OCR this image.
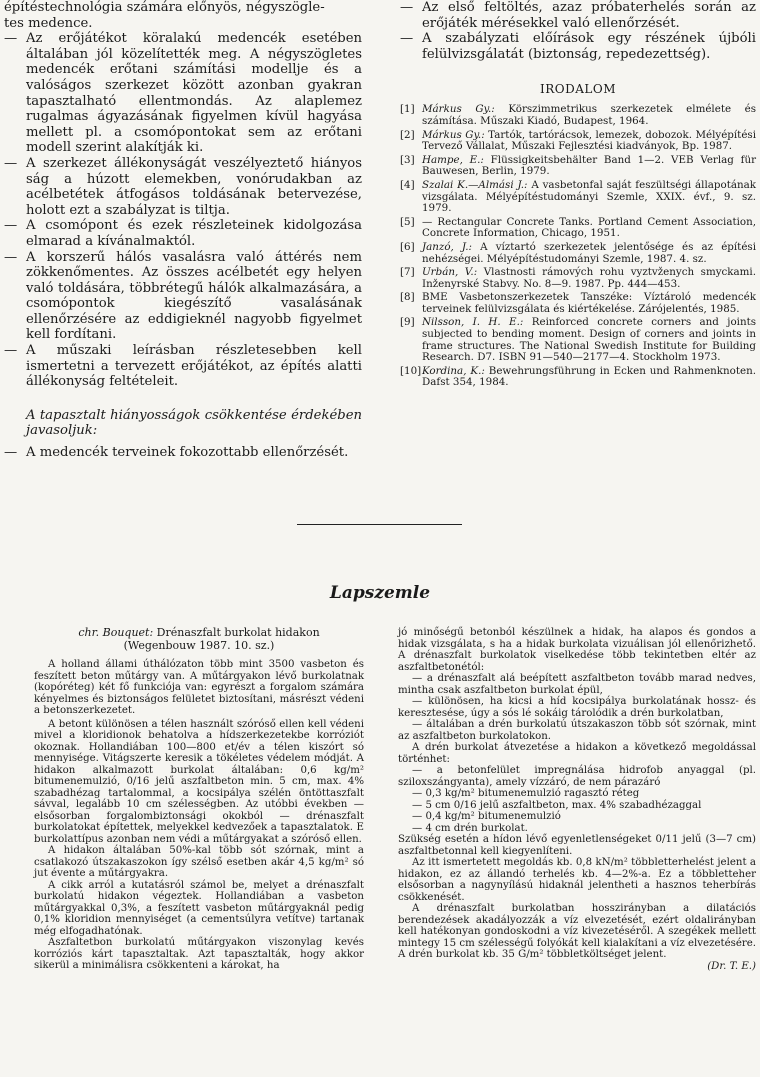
építéstechnológia számára előnyös, négyszögle-

tes medence.

— Az erőjátékot köralakú medencék esetében általában jól közelítették meg. A négyszögletes medencék erőtani számítási modellje és a valóságos szerkezet között azonban gyakran tapasztalható ellentmondás. Az alaplemez rugalmas ágyazásának figyelmen kívül hagyása mellett pl. a csomópontokat sem az erőtani modell szerint alakítják ki.

— A szerkezet állékonyságát veszélyeztető hiányos ság a húzott elemekben, vonórudakban az acélbetétek átfogásos toldásának betervezése, holott ezt a szabályzat is tiltja.

— A csomópont és ezek részleteinek kidolgozása elmarad a kívánalmaktól.

— A korszerű hálós vasalásra való áttérés nem zökkenőmentes. Az összes acélbetét egy helyen való toldására, többrétegű hálók alkalmazására, a csomópontok kiegészítő vasalásának ellenőrzésére az eddigieknél nagyobb figyelmet kell fordítani.

— A műszaki leírásban részletesebben kell ismertetni a tervezett erőjátékot, az építés alatti állékonyság feltételeit.

A tapasztalt hiányosságok csökkentése érdekében javasoljuk:

— A medencék terveinek fokozottabb ellenőrzését.

— Az első feltöltés, azaz próbaterhelés során az erőjáték mérésekkel való ellenőrzését.

— A szabályzati előírások egy részének újbóli felülvizsgálatát (biztonság, repedezettség).

IRODALOM
[1] Márkus Gy.: Körszimmetrikus szerkezetek elmélete és számítása. Műszaki Kiadó, Budapest, 1964.
[2] Márkus Gy.: Tartók, tartórácsok, lemezek, dobozok. Mélyépítési Tervező Vállalat, Műszaki Fejlesztési kiadványok, Bp. 1987.
[3] Hampe, E.: Flüssigkeitsbehälter Band 1—2. VEB Verlag für Bauwesen, Berlin, 1979.
[4] Szalai K.—Almási J.: A vasbetonfal saját feszültségi állapotának vizsgálata. Mélyépítéstudományi Szemle, XXIX. évf., 9. sz. 1979.
[5] — Rectangular Concrete Tanks. Portland Cement Association, Concrete Information, Chicago, 1951.
[6] Janzó, J.: A víztartó szerkezetek jelentősége és az építési nehézségei. Mélyépítéstudományi Szemle, 1987. 4. sz.
[7] Urbán, V.: Vlastnosti rámových rohu vyztvženych smyckami. Inženyrské Stabvy. No. 8—9. 1987. Pp. 444—453.
[8] BME Vasbetonszerkezetek Tanszéke: Víztároló medencék terveinek felülvizsgálata és kiértékelése. Zárójelentés, 1985.
[9] Nilsson, I. H. E.: Reinforced concrete corners and joints subjected to bending moment. Design of corners and joints in frame structures. The National Swedish Institute for Building Research. D7. ISBN 91—540—2177—4. Stockholm 1973.
[10] Kordina, K.: Bewehrungsführung in Ecken und Rahmenknoten. Dafst 354, 1984.
Lapszemle
chr. Bouquet: Drénaszfalt burkolat hidakon
(Wegenbouw 1987. 10. sz.)

A holland állami úthálózaton több mint 3500 vasbeton és feszített beton műtárgy van. A műtárgyakon lévő burkolatnak (kopóréteg) két fő funkciója van: egyrészt a forgalom számára kényelmes és biztonságos felületet biztosítani, másrészt védeni a betonszerkezetet.

A betont különösen a télen használt szóróső ellen kell védeni mivel a kloridionok behatolva a hídszerkezetekbe korróziót okoznak. Hollandiában 100—800 et/év a télen kiszórt só mennyisége. Vitágszerte keresik a tökéletes védelem módját. A hidakon alkalmazott burkolat általában: 0,6 kg/m² bitumenemulzió, 0/16 jelű aszfaltbeton min. 5 cm, max. 4% szabadhézag tartalommal, a kocsipálya szélén öntöttaszfalt sávval, legalább 10 cm szélességben. Az utóbbi években — elsősorban forgalombiztonsági okokból — drénaszfalt burkolatokat építettek, melyekkel kedvezőek a tapasztalatok. E burkolattípus azonban nem védi a műtárgyakat a szóróső ellen.

A hidakon általában 50%-kal több sót szórnak, mint a csatlakozó útszakaszokon így szélső esetben akár 4,5 kg/m² só jut évente a műtárgyakra.

A cikk arról a kutatásról számol be, melyet a drénaszfalt burkolatú hidakon végeztek. Hollandiában a vasbeton műtárgyakkal 0,3%, a feszített vasbeton műtárgyaknál pedig 0,1% kloridion mennyiséget (a cementsúlyra vetítve) tartanak még elfogadhatónak.

Aszfaltetbon burkolatú műtárgyakon viszonylag kevés korróziós kárt tapasztaltak. Azt tapasztalták, hogy akkor sikerül a minimálisra csökkenteni a károkat, ha

jó minőségű betonból készülnek a hidak, ha alapos és gondos a hidak vizsgálata, s ha a hidak burkolata vizuálisan jól ellenőrizhető. A drénaszfalt burkolatok viselkedése több tekintetben eltér az aszfaltbetonétól:

— a drénaszfalt alá beépített aszfaltbeton tovább marad nedves, mintha csak aszfaltbeton burkolat épül,

— különösen, ha kicsi a híd kocsipálya burkolatának hossz- és keresztesése, úgy a sós lé sokáig tárolódik a drén burkolatban,

— általában a drén burkolatú útszakaszon több sót szórnak, mint az aszfaltbeton burkolatokon.

A drén burkolat átvezetése a hidakon a következő megoldással történhet:

— a betonfelület impregnálása hidrofob anyaggal (pl. sziloxszángyanta), amely vízzáró, de nem párazáró

— 0,3 kg/m² bitumenemulzió ragasztó réteg

— 5 cm 0/16 jelű aszfaltbeton, max. 4% szabadhézaggal

— 0,4 kg/m² bitumenemulzió

— 4 cm drén burkolat.

Szükség esetén a hídon lévő egyenletlenségeket 0/11 jelű (3—7 cm) aszfaltbetonnal kell kiegyenlíteni.

Az itt ismertetett megoldás kb. 0,8 kN/m² többletterhelést jelent a hidakon, ez az állandó terhelés kb. 4—2%-a. Ez a többletteher elsősorban a nagynyílású hidaknál jelentheti a hasznos teherbírás csökkenését.

A drénaszfalt burkolatban hosszirányban a dilatációs berendezések akadályozzák a víz elvezetését, ezért oldalirányban kell hatékonyan gondoskodni a víz kivezetéséről. A szegékek mellett mintegy 15 cm szélességű folyókát kell kialakítani a víz elvezetésére. A drén burkolat kb. 35 G/m² többletköltséget jelent.

(Dr. T. E.)
